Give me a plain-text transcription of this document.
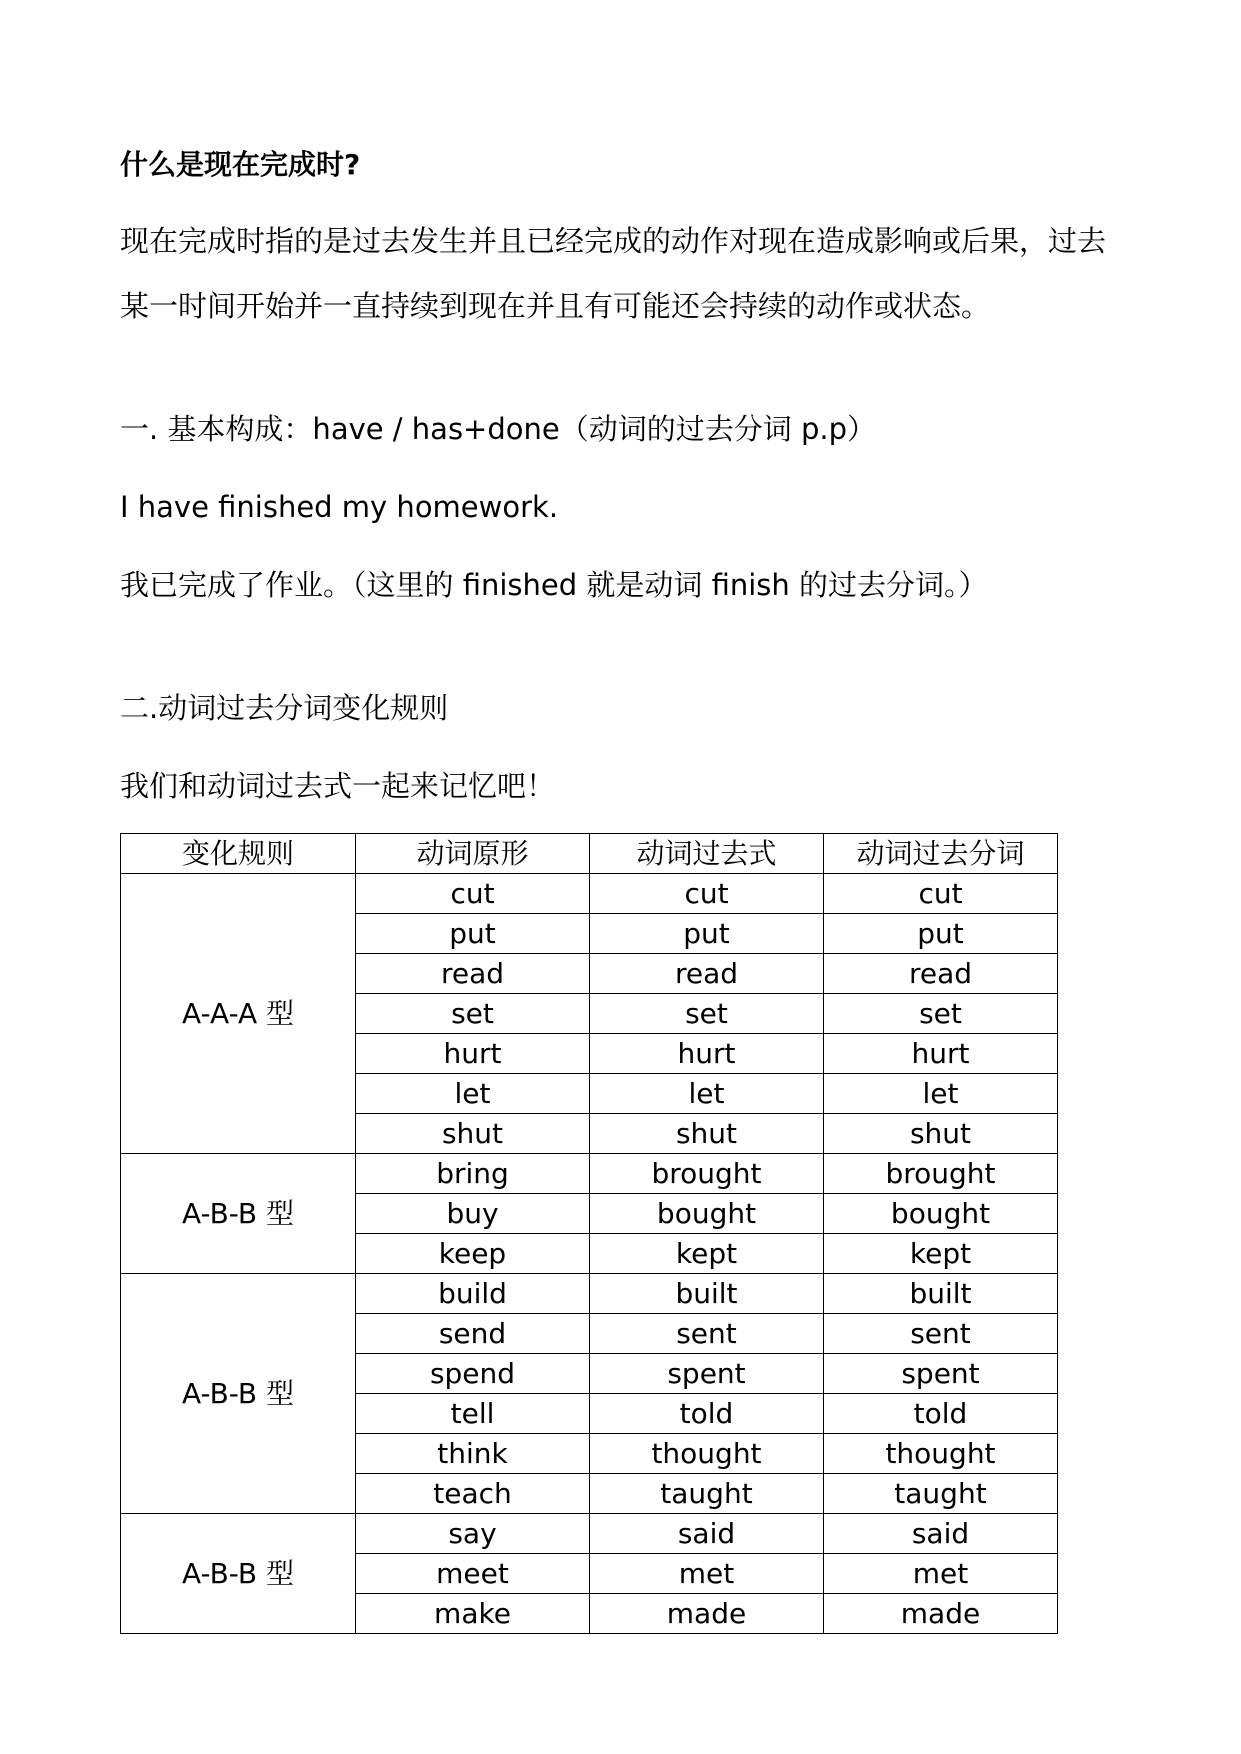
什么是现在完成时?
现在完成时指的是过去发生并且已经完成的动作对现在造成影响或后果，过去
某一时间开始并一直持续到现在并且有可能还会持续的动作或状态。
一. 基本构成：have / has+done（动词的过去分词 p.p）
I have finished my homework.
我已完成了作业。（这里的 finished 就是动词 finish 的过去分词。）
二.动词过去分词变化规则
我们和动词过去式一起来记忆吧！
变化规则	动词原形	动词过去式	动词过去分词
A-A-A 型	cut	cut	cut
	put	put	put
	read	read	read
	set	set	set
	hurt	hurt	hurt
	let	let	let
	shut	shut	shut
A-B-B 型	bring	brought	brought
	buy	bought	bought
	keep	kept	kept
A-B-B 型	build	built	built
	send	sent	sent
	spend	spent	spent
	tell	told	told
	think	thought	thought
	teach	taught	taught
A-B-B 型	say	said	said
	meet	met	met
	make	made	made
